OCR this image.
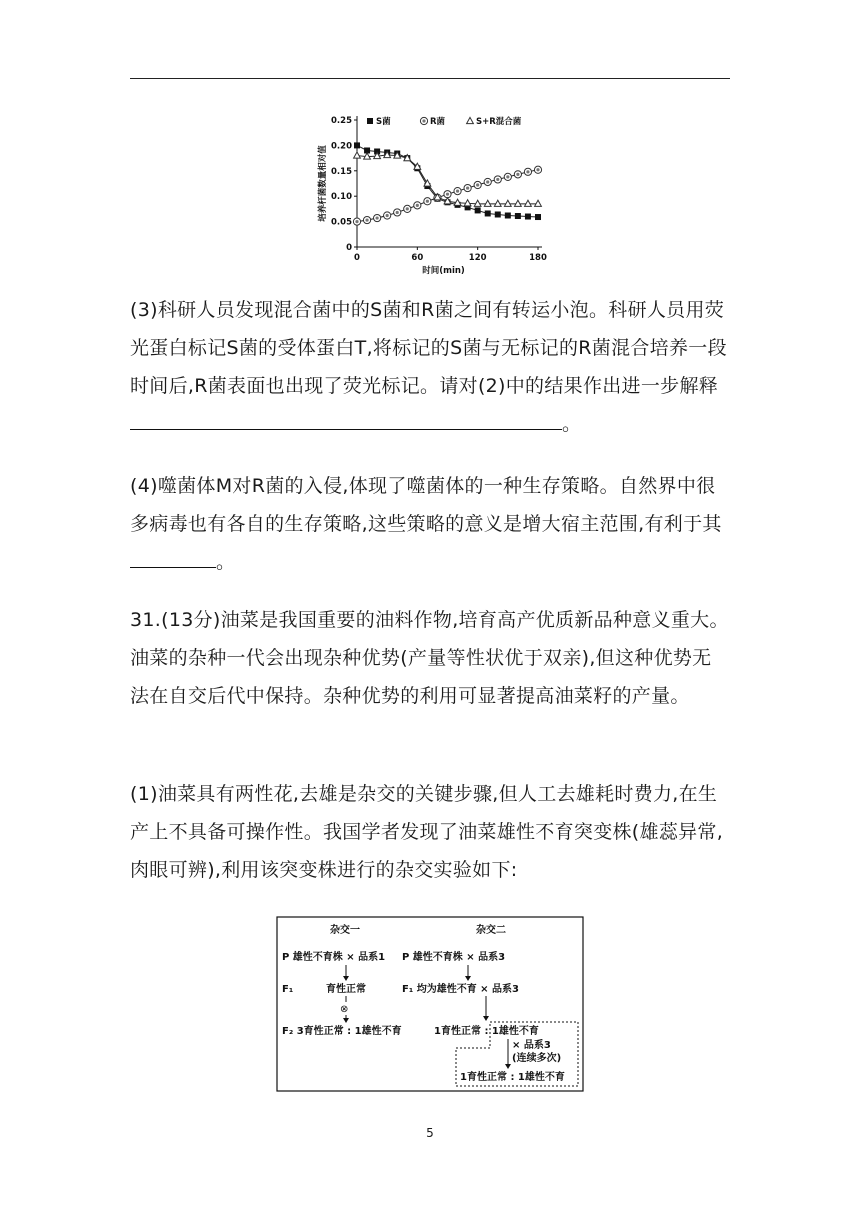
0
0.05
0.10
0.15
0.20
0.25
0	60	120	180
时间(min)
培养杆菌数量相对值
S菌	R菌	S+R混合菌

(3)科研人员发现混合菌中的S菌和R菌之间有转运小泡。科研人员用荧光蛋白标记S菌的受体蛋白T,将标记的S菌与无标记的R菌混合培养一段时间后,R菌表面也出现了荧光标记。请对(2)中的结果作出进一步解释。

(4)噬菌体M对R菌的入侵,体现了噬菌体的一种生存策略。自然界中很多病毒也有各自的生存策略,这些策略的意义是增大宿主范围,有利于其。

31.(13分)油菜是我国重要的油料作物,培育高产优质新品种意义重大。油菜的杂种一代会出现杂种优势(产量等性状优于双亲),但这种优势无法在自交后代中保持。杂种优势的利用可显著提高油菜籽的产量。

(1)油菜具有两性花,去雄是杂交的关键步骤,但人工去雄耗时费力,在生产上不具备可操作性。我国学者发现了油菜雄性不育突变株(雄蕊异常,肉眼可辨),利用该突变株进行的杂交实验如下:

杂交一	杂交二
P 雄性不育株 × 品系1
F₁	育性正常
⊗
F₂ 3育性正常 : 1雄性不育
P 雄性不育株 × 品系3
F₁ 均为雄性不育 × 品系3
1育性正常 : 1雄性不育
× 品系3
(连续多次)
1育性正常 : 1雄性不育
5
